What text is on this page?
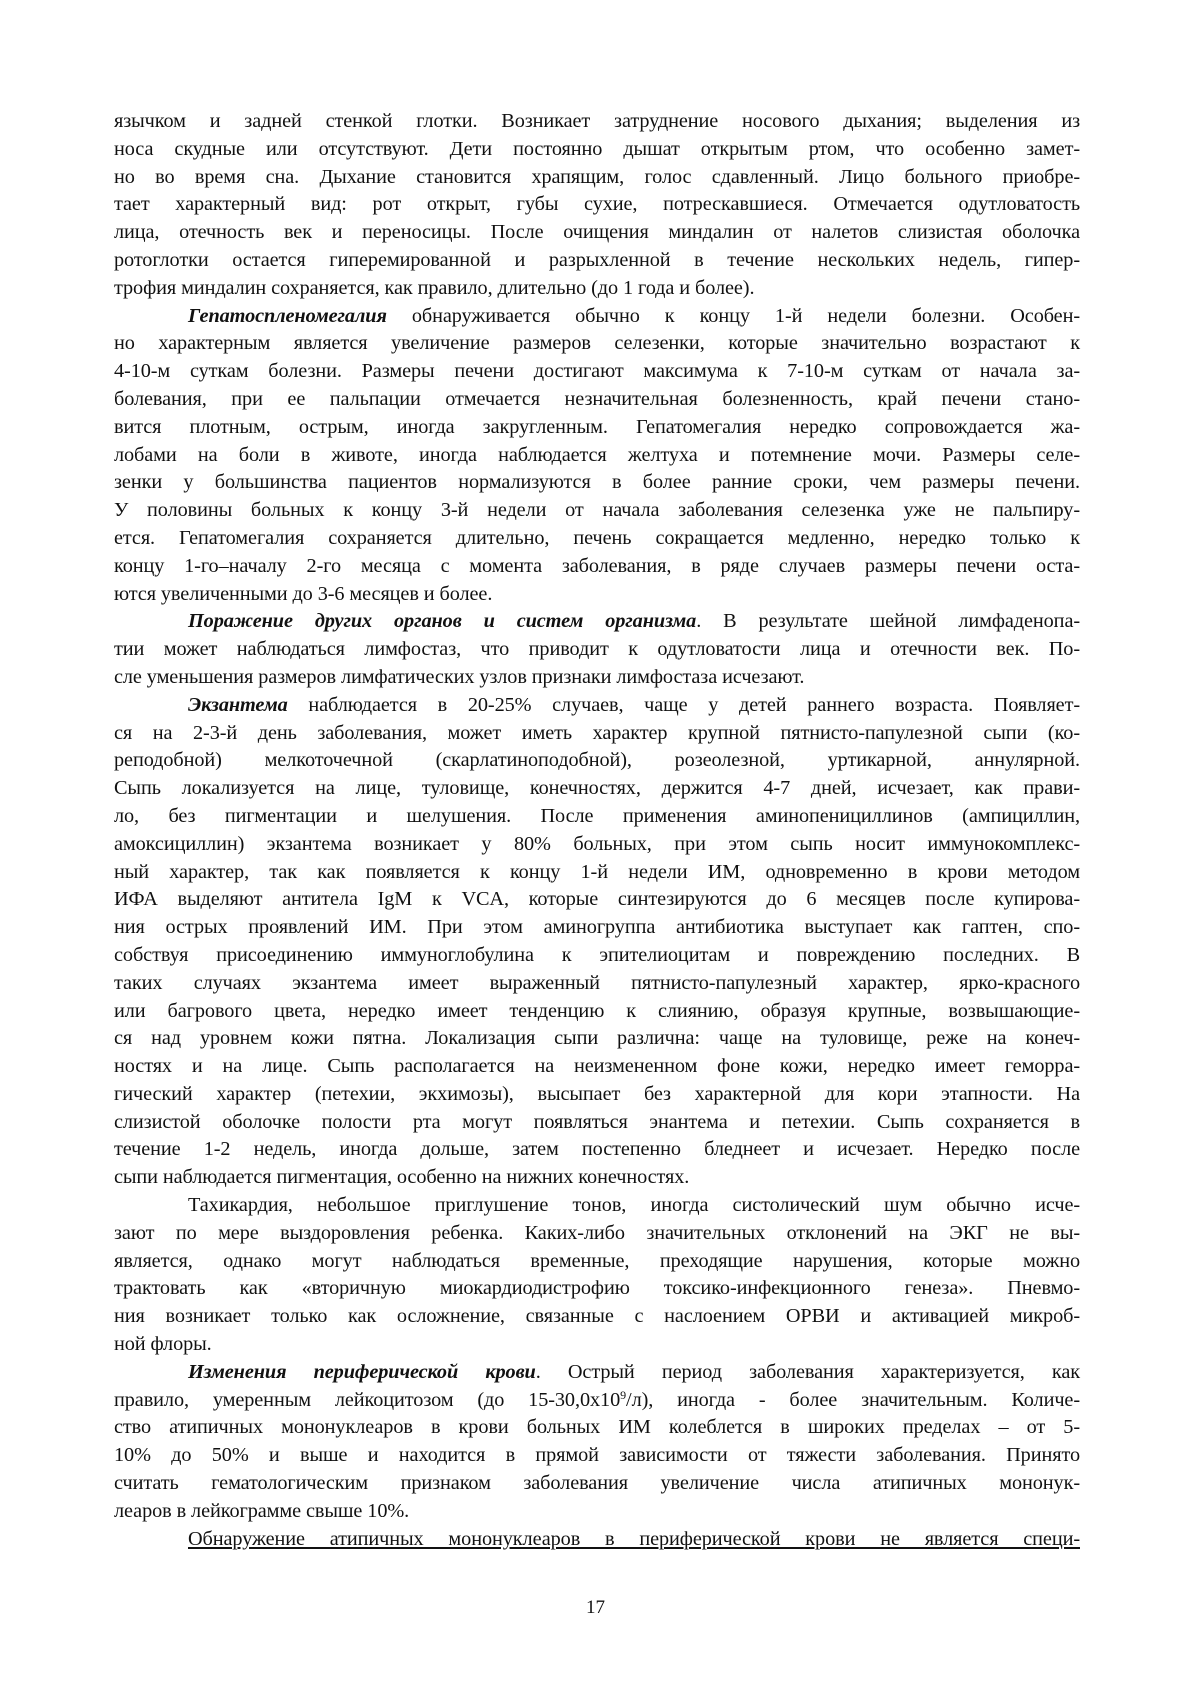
язычком и задней стенкой глотки. Возникает затруднение носового дыхания; выделения из
носа скудные или отсутствуют. Дети постоянно дышат открытым ртом, что особенно замет-
но во время сна. Дыхание становится храпящим, голос сдавленный. Лицо больного приобре-
тает характерный вид: рот открыт, губы сухие, потрескавшиеся. Отмечается одутловатость
лица, отечность век и переносицы. После очищения миндалин от налетов слизистая оболочка
ротоглотки остается гиперемированной и разрыхленной в течение нескольких недель, гипер-
трофия миндалин сохраняется, как правило, длительно (до 1 года и более).

Гепатоспленомегалия обнаруживается обычно к концу 1-й недели болезни. Особен-
но характерным является увеличение размеров селезенки, которые значительно возрастают к
4-10-м суткам болезни. Размеры печени достигают максимума к 7-10-м суткам от начала за-
болевания, при ее пальпации отмечается незначительная болезненность, край печени стано-
вится плотным, острым, иногда закругленным. Гепатомегалия нередко сопровождается жа-
лобами на боли в животе, иногда наблюдается желтуха и потемнение мочи. Размеры селе-
зенки у большинства пациентов нормализуются в более ранние сроки, чем размеры печени.
У половины больных к концу 3-й недели от начала заболевания селезенка уже не пальпиру-
ется. Гепатомегалия сохраняется длительно, печень сокращается медленно, нередко только к
концу 1-го–началу 2-го месяца с момента заболевания, в ряде случаев размеры печени оста-
ются увеличенными до 3-6 месяцев и более.

Поражение других органов и систем организма. В результате шейной лимфаденопа-
тии может наблюдаться лимфостаз, что приводит к одутловатости лица и отечности век. По-
сле уменьшения размеров лимфатических узлов признаки лимфостаза исчезают.

Экзантема наблюдается в 20-25% случаев, чаще у детей раннего возраста. Появляет-
ся на 2-3-й день заболевания, может иметь характер крупной пятнисто-папулезной сыпи (ко-
реподобной) мелкоточечной (скарлатиноподобной), розеолезной, уртикарной, аннулярной.
Сыпь локализуется на лице, туловище, конечностях, держится 4-7 дней, исчезает, как прави-
ло, без пигментации и шелушения. После применения аминопенициллинов (ампициллин,
амоксициллин) экзантема возникает у 80% больных, при этом сыпь носит иммунокомплекс-
ный характер, так как появляется к концу 1-й недели ИМ, одновременно в крови методом
ИФА выделяют антитела IgM к VCA, которые синтезируются до 6 месяцев после купирова-
ния острых проявлений ИМ. При этом аминогруппа антибиотика выступает как гаптен, спо-
собствуя присоединению иммуноглобулина к эпителиоцитам и повреждению последних. В
таких случаях экзантема имеет выраженный пятнисто-папулезный характер, ярко-красного
или багрового цвета, нередко имеет тенденцию к слиянию, образуя крупные, возвышающие-
ся над уровнем кожи пятна. Локализация сыпи различна: чаще на туловище, реже на конеч-
ностях и на лице. Сыпь располагается на неизмененном фоне кожи, нередко имеет геморра-
гический характер (петехии, экхимозы), высыпает без характерной для кори этапности. На
слизистой оболочке полости рта могут появляться энантема и петехии. Сыпь сохраняется в
течение 1-2 недель, иногда дольше, затем постепенно бледнеет и исчезает. Нередко после
сыпи наблюдается пигментация, особенно на нижних конечностях.

Тахикардия, небольшое приглушение тонов, иногда систолический шум обычно исче-
зают по мере выздоровления ребенка. Каких-либо значительных отклонений на ЭКГ не вы-
является, однако могут наблюдаться временные, преходящие нарушения, которые можно
трактовать как «вторичную миокардиодистрофию токсико-инфекционного генеза». Пневмо-
ния возникает только как осложнение, связанные с наслоением ОРВИ и активацией микроб-
ной флоры.

Изменения периферической крови. Острый период заболевания характеризуется, как
правило, умеренным лейкоцитозом (до $15-30,0х10^9/л$), иногда - более значительным. Количе-
ство атипичных мононуклеаров в крови больных ИМ колеблется в широких пределах – от 5-
10% до 50% и выше и находится в прямой зависимости от тяжести заболевания. Принято
считать гематологическим признаком заболевания увеличение числа атипичных мононук-
леаров в лейкограмме свыше 10%.

Обнаружение атипичных мононуклеаров в периферической крови не является специ-

17
